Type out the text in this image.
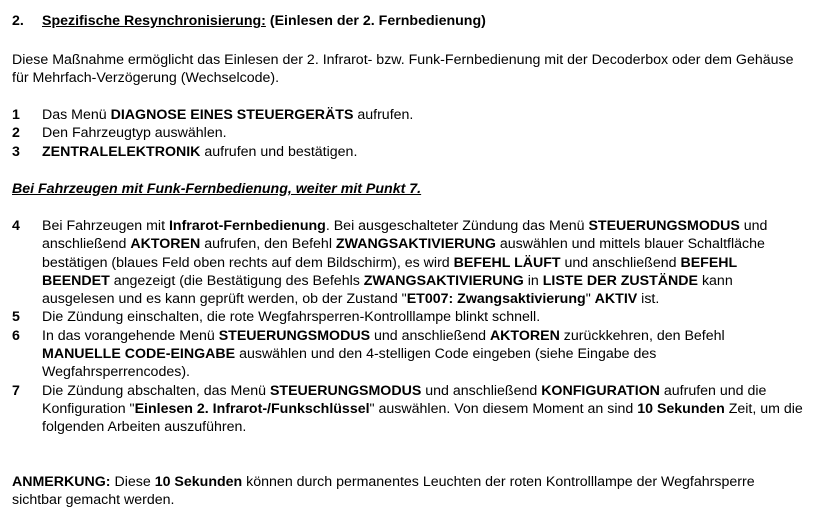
2. Spezifische Resynchronisierung: (Einlesen der 2. Fernbedienung)
Diese Maßnahme ermöglicht das Einlesen der 2. Infrarot- bzw. Funk-Fernbedienung mit der Decoderbox oder dem Gehäuse für Mehrfach-Verzögerung (Wechselcode).
1	Das Menü DIAGNOSE EINES STEUERGERÄTS aufrufen.
2	Den Fahrzeugtyp auswählen.
3	ZENTRALELEKTRONIK aufrufen und bestätigen.
Bei Fahrzeugen mit Funk-Fernbedienung, weiter mit Punkt 7.
4	Bei Fahrzeugen mit Infrarot-Fernbedienung. Bei ausgeschalteter Zündung das Menü STEUERUNGSMODUS und anschließend AKTOREN aufrufen, den Befehl ZWANGSAKTIVIERUNG auswählen und mittels blauer Schaltfläche bestätigen (blaues Feld oben rechts auf dem Bildschirm), es wird BEFEHL LÄUFT und anschließend BEFEHL BEENDET angezeigt (die Bestätigung des Befehls ZWANGSAKTIVIERUNG in LISTE DER ZUSTÄNDE kann ausgelesen und es kann geprüft werden, ob der Zustand "ET007: Zwangsaktivierung" AKTIV ist.
5	Die Zündung einschalten, die rote Wegfahrsperren-Kontrolllampe blinkt schnell.
6	In das vorangehende Menü STEUERUNGSMODUS und anschließend AKTOREN zurückkehren, den Befehl MANUELLE CODE-EINGABE auswählen und den 4-stelligen Code eingeben (siehe Eingabe des Wegfahrsperrencodes).
7	Die Zündung abschalten, das Menü STEUERUNGSMODUS und anschließend KONFIGURATION aufrufen und die Konfiguration "Einlesen 2. Infrarot-/Funkschlüssel" auswählen. Von diesem Moment an sind 10 Sekunden Zeit, um die folgenden Arbeiten auszuführen.
ANMERKUNG: Diese 10 Sekunden können durch permanentes Leuchten der roten Kontrolllampe der Wegfahrsperre sichtbar gemacht werden.
